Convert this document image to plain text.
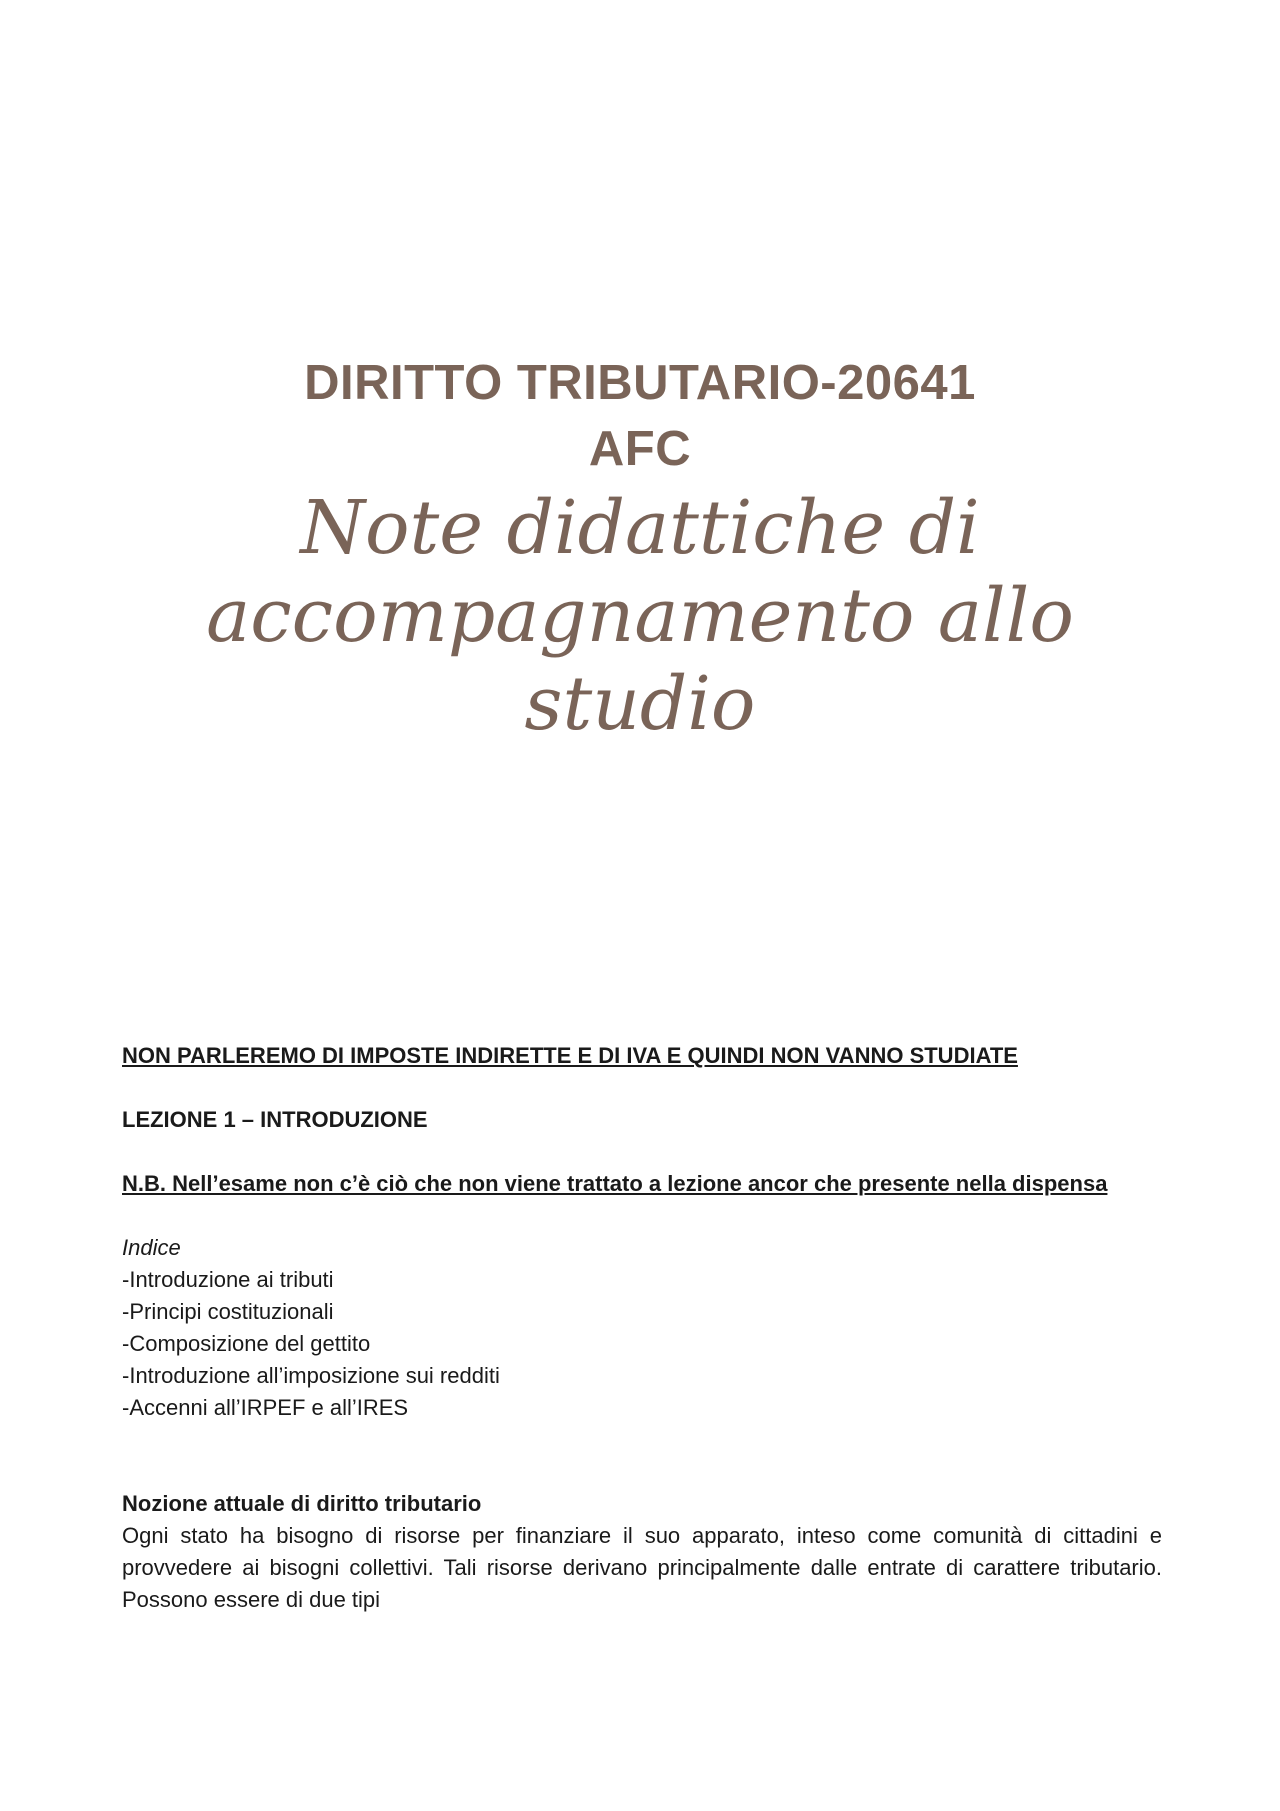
DIRITTO TRIBUTARIO-20641
AFC
Note didattiche di
accompagnamento allo
studio

NON PARLEREMO DI IMPOSTE INDIRETTE E DI IVA E QUINDI NON VANNO STUDIATE

LEZIONE 1 – INTRODUZIONE

N.B. Nell’esame non c’è ciò che non viene trattato a lezione ancor che presente nella dispensa

Indice

-Introduzione ai tributi
-Principi costituzionali
-Composizione del gettito
-Introduzione all’imposizione sui redditi
-Accenni all’IRPEF e all’IRES

Nozione attuale di diritto tributario

Ogni stato ha bisogno di risorse per finanziare il suo apparato, inteso come comunità di cittadini e provvedere ai bisogni collettivi. Tali risorse derivano principalmente dalle entrate di carattere tributario. Possono essere di due tipi
